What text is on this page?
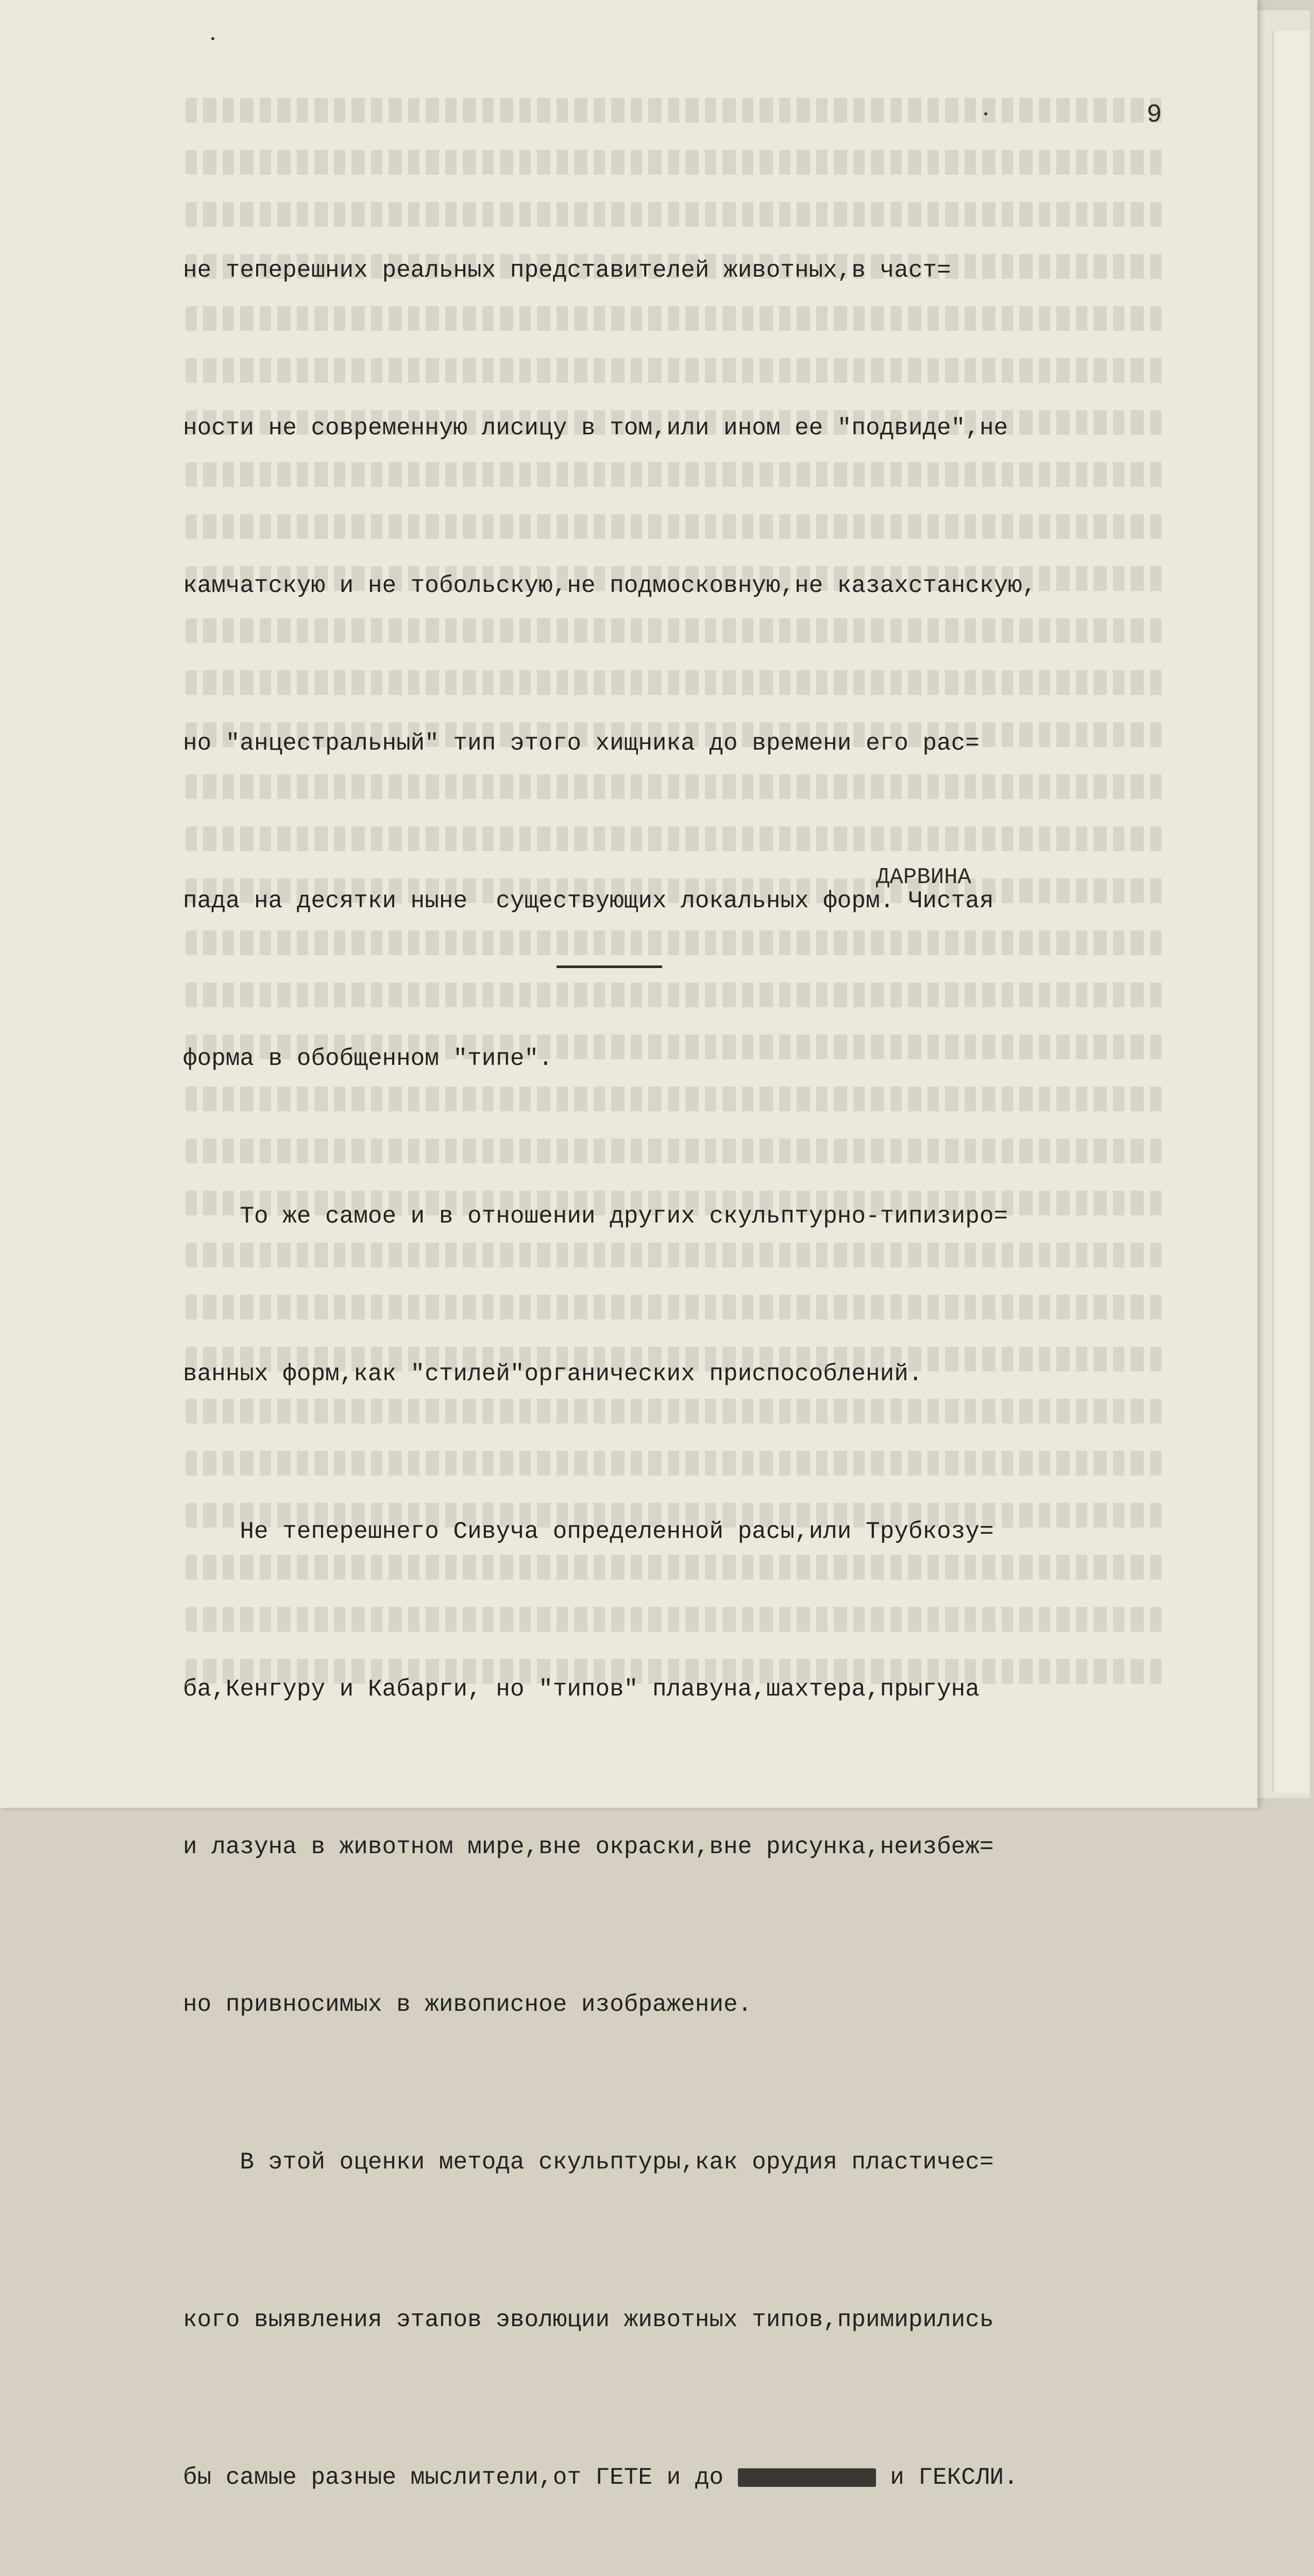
9

не теперешних реальных представителей животных,в част=

ности не современную лисицу в том,или ином ее "подвиде",не

камчатскую и не тобольскую,не подмосковную,не казахстанскую,

но "анцестральный" тип этого хищника до времени его рас=

пада на десятки ныне  существующих локальных форм. Чистая

форма в обобщенном "типе".

То же самое и в отношении других скульптурно-типизиро=

ванных форм,как "стилей"органических приспособлений.

Не теперешнего Сивуча определенной расы,или Трубкозу=

ба,Кенгуру и Кабарги, но "типов" плавуна,шахтера,прыгуна

и лазуна в животном мире,вне окраски,вне рисунка,неизбеж=

но привносимых в живописное изображение.

В этой оценки метода скульптуры,как орудия пластичес=

кого выявления этапов эволюции животных типов,примирились

бы самые разные мыслители,от ГЕТЕ и до	и ГЕКСЛИ.

ДАРВИНА
